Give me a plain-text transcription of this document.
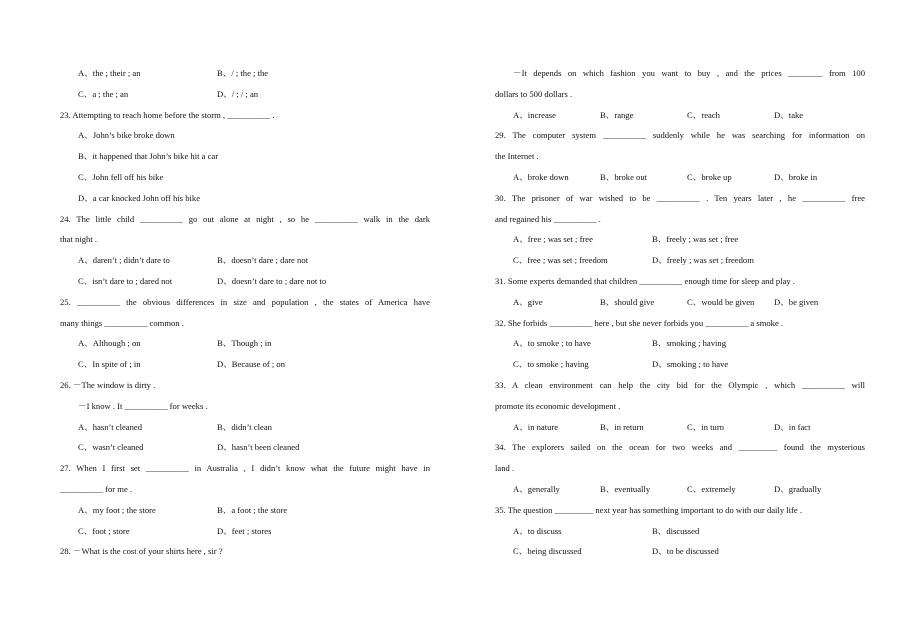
A、the ; their ; an	B、/ ; the ; the
C、a ; the ; an	D、/ ; / ; an
23. Attempting to reach home before the storm , __________ .
A、John’s bike broke down
B、it happened that John’s bike hit a car
C、John fell off his bike
D、a car knocked John off his bike
24. The little child __________ go out alone at night , so he __________ walk in the dark
that night .
A、daren’t ; didn’t dare to	B、doesn’t dare ; dare not
C、isn’t dare to ; dared not	D、doesn’t dare to ; dare not to
25. __________ the obvious differences in size and population , the states of America have
many things __________ common .
A、Although ; on	B、Though ; in
C、In spite of ; in	D、Because of ; on
26. －The window is dirty .
－I know . It __________ for weeks .
A、hasn’t cleaned	B、didn’t clean
C、wasn’t cleaned	D、hasn’t been cleaned
27. When I first set __________ in Australia , I didn’t know what the future might have in
__________ for me .
A、my foot ; the store	B、a foot ; the store
C、foot ; store	D、feet ; stores
28. －What is the cost of your shirts here , sir ?
－It depends on which fashion you want to buy , and the prices ________ from 100
dollars to 500 dollars .
A、increase	B、range	C、reach	D、take
29. The computer system __________ suddenly while he was searching for information on
the Internet .
A、broke down	B、broke out	C、broke up	D、broke in
30. The prisoner of war wished to be __________ . Ten years later , he __________ free
and regained his __________ .
A、free ; was set ; free	B、freely ; was set ; free
C、free ; was set ; freedom	D、freely ; was set ; freedom
31. Some experts demanded that children __________ enough time for sleep and play .
A、give	B、should give	C、would be given D、be given
32. She forbids __________ here , but she never forbids you __________ a smoke .
A、to smoke ; to have	B、smoking ; having
C、to smoke ; having	D、smoking ; to have
33. A clean environment can help the city bid for the Olympic , which __________ will
promote its economic development .
A、in nature	B、in return	C、in turn	D、in fact
34. The explorers sailed on the ocean for two weeks and _________ found the mysterious
land .
A、generally	B、eventually	C、extremely	D、gradually
35. The question _________ next year has something important to do with our daily life .
A、to discuss	B、discussed
C、being discussed	D、to be discussed
